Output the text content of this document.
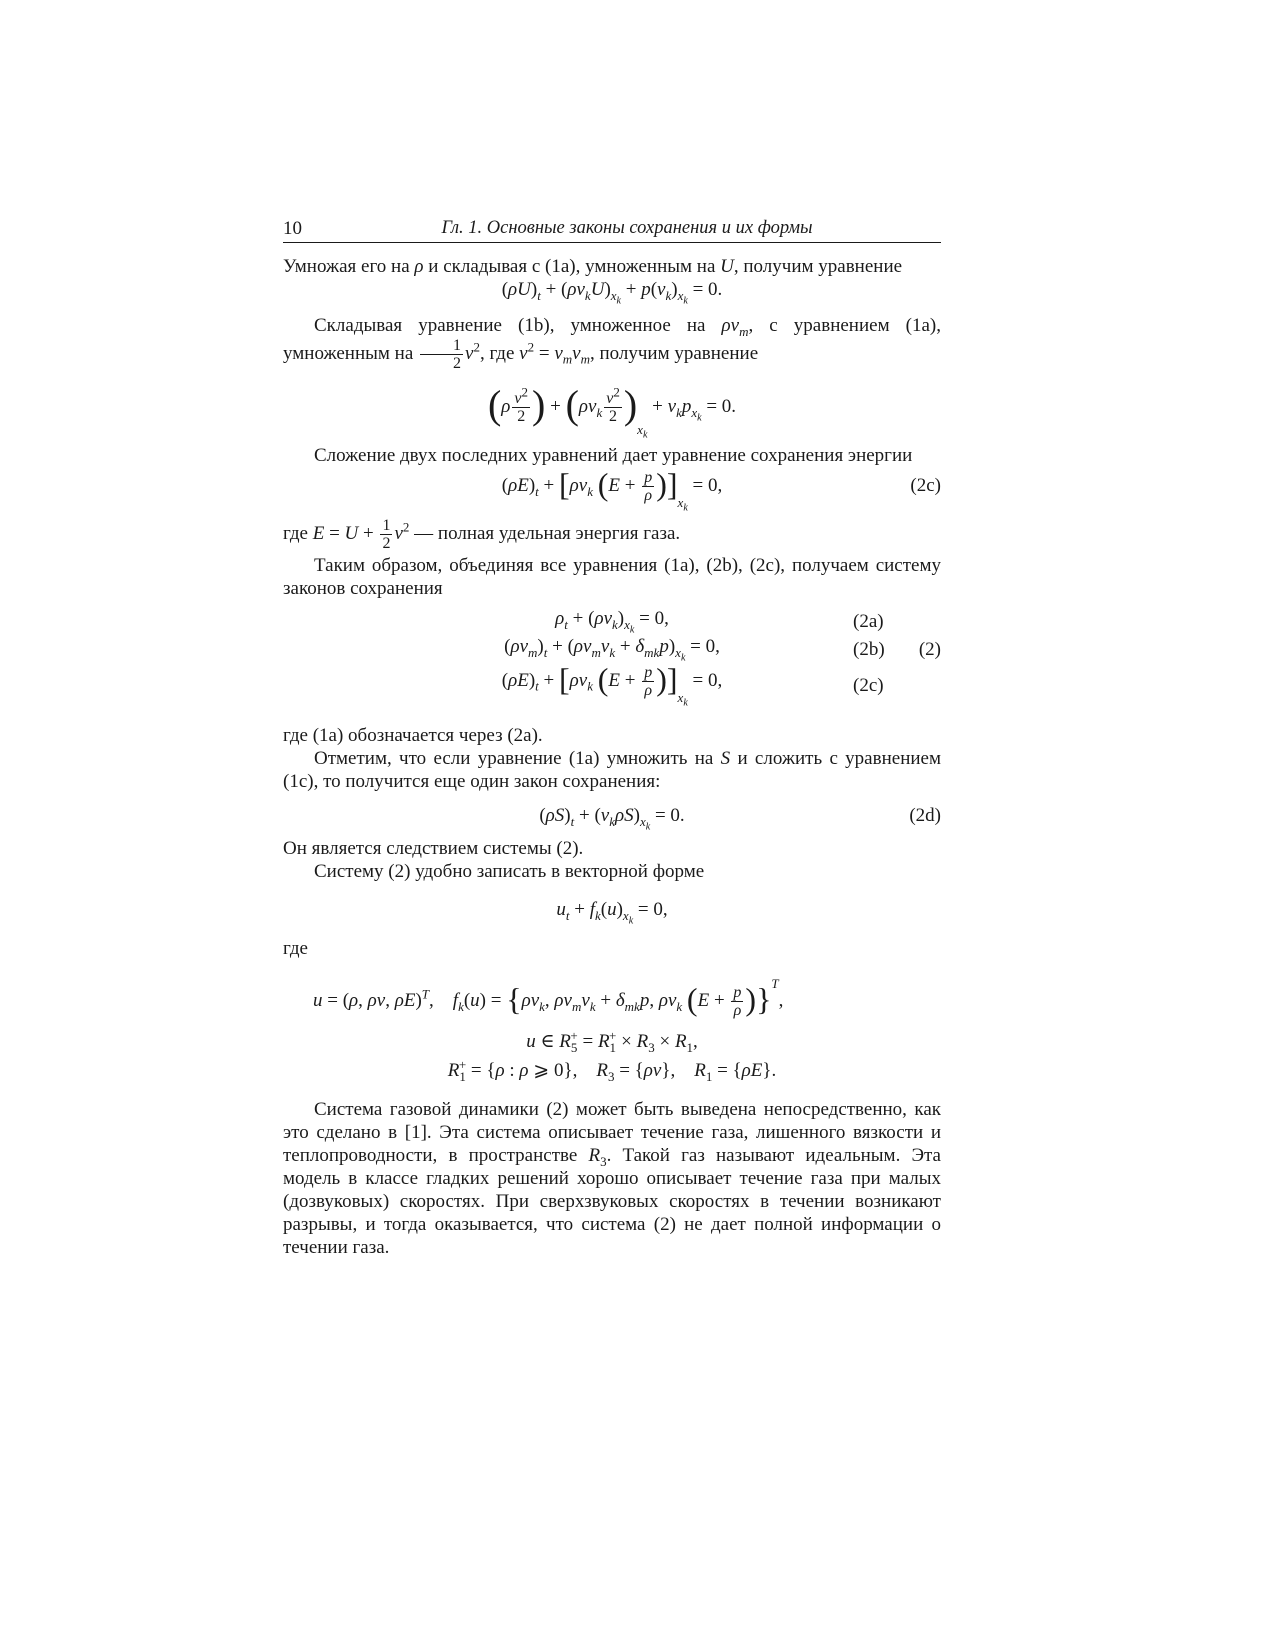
10	Гл. 1. Основные законы сохранения и их формы

Умножая его на ρ и складывая с (1a), умноженным на U, получим уравнение

$(\rho U)_t + (\rho v_kU)_{x_k} + p(v_k)_{x_k} = 0$.

Складывая уравнение (1b), умноженное на $\rho v_m$, с уравнением (1a), умноженным на $\frac{1}{2} v^2$, где $v^2 = v_mv_m$, получим уравнение

($\rho \frac{v^2}{2}$ ) + $(\rho v_k \frac{v^2}{2} )_{x_k} + v_kp_{x_k} = 0$.

Сложение двух последних уравнений дает уравнение сохранения энергии

$(\rho E)_t + [\rho v_k$ $(E + \frac{p}{\rho} )]_{x_k} = 0$,	(2c)

где $E = U + \frac{1}{2} v^2$ — полная удельная энергия газа.

Таким образом, объединяя все уравнения (1a), (2b), (2c), получаем систему законов сохранения

$\rho_t + (\rho v_k)_{x_k} = 0$,	(2a)
$(\rho v_m)_t + (\rho v_mv_k + \delta_{mk}p)_{x_k} = 0$,	(2b) (2)
$(\rho E)_t + [\rho v_k$ $(E + \frac{p}{\rho} )]_{x_k} = 0$,	(2c)

где (1a) обозначается через (2a).

Отметим, что если уравнение (1a) умножить на S и сложить с уравнением (1c), то получится еще один закон сохранения:

$(\rho S)_t + (v_k\rho S)_{x_k} = 0$.	(2d)

Он является следствием системы (2).

Систему (2) удобно записать в векторной форме

$u_t + f_k(u)_{x_k} = 0$,

где

u = (ρ, ρv, ρE)$^T$,    $f_k(u) = \{\rho v_k$, $\rho v_mv_k + \delta_{mk}p$, $\rho v_k$ $(E + \frac{p}{\rho} )\}^T$,
u ∈ $R_5^+ = R_1^+ \times R_3 \times R_1$,
$R_1^+ = \{\rho$ : ρ ⩾ 0},    $R_3 = \{\rho v\}$,    $R_1 = \{\rho E\}$.

Система газовой динамики (2) может быть выведена непосредственно, как это сделано в [1]. Эта система описывает течение газа, лишенного вязкости и теплопроводности, в пространстве $R_3$. Такой газ называют идеальным. Эта модель в классе гладких решений хорошо описывает течение газа при малых (дозвуковых) скоростях. При сверхзвуковых скоростях в течении возникают разрывы, и тогда оказывается, что система (2) не дает полной информации о течении газа.
